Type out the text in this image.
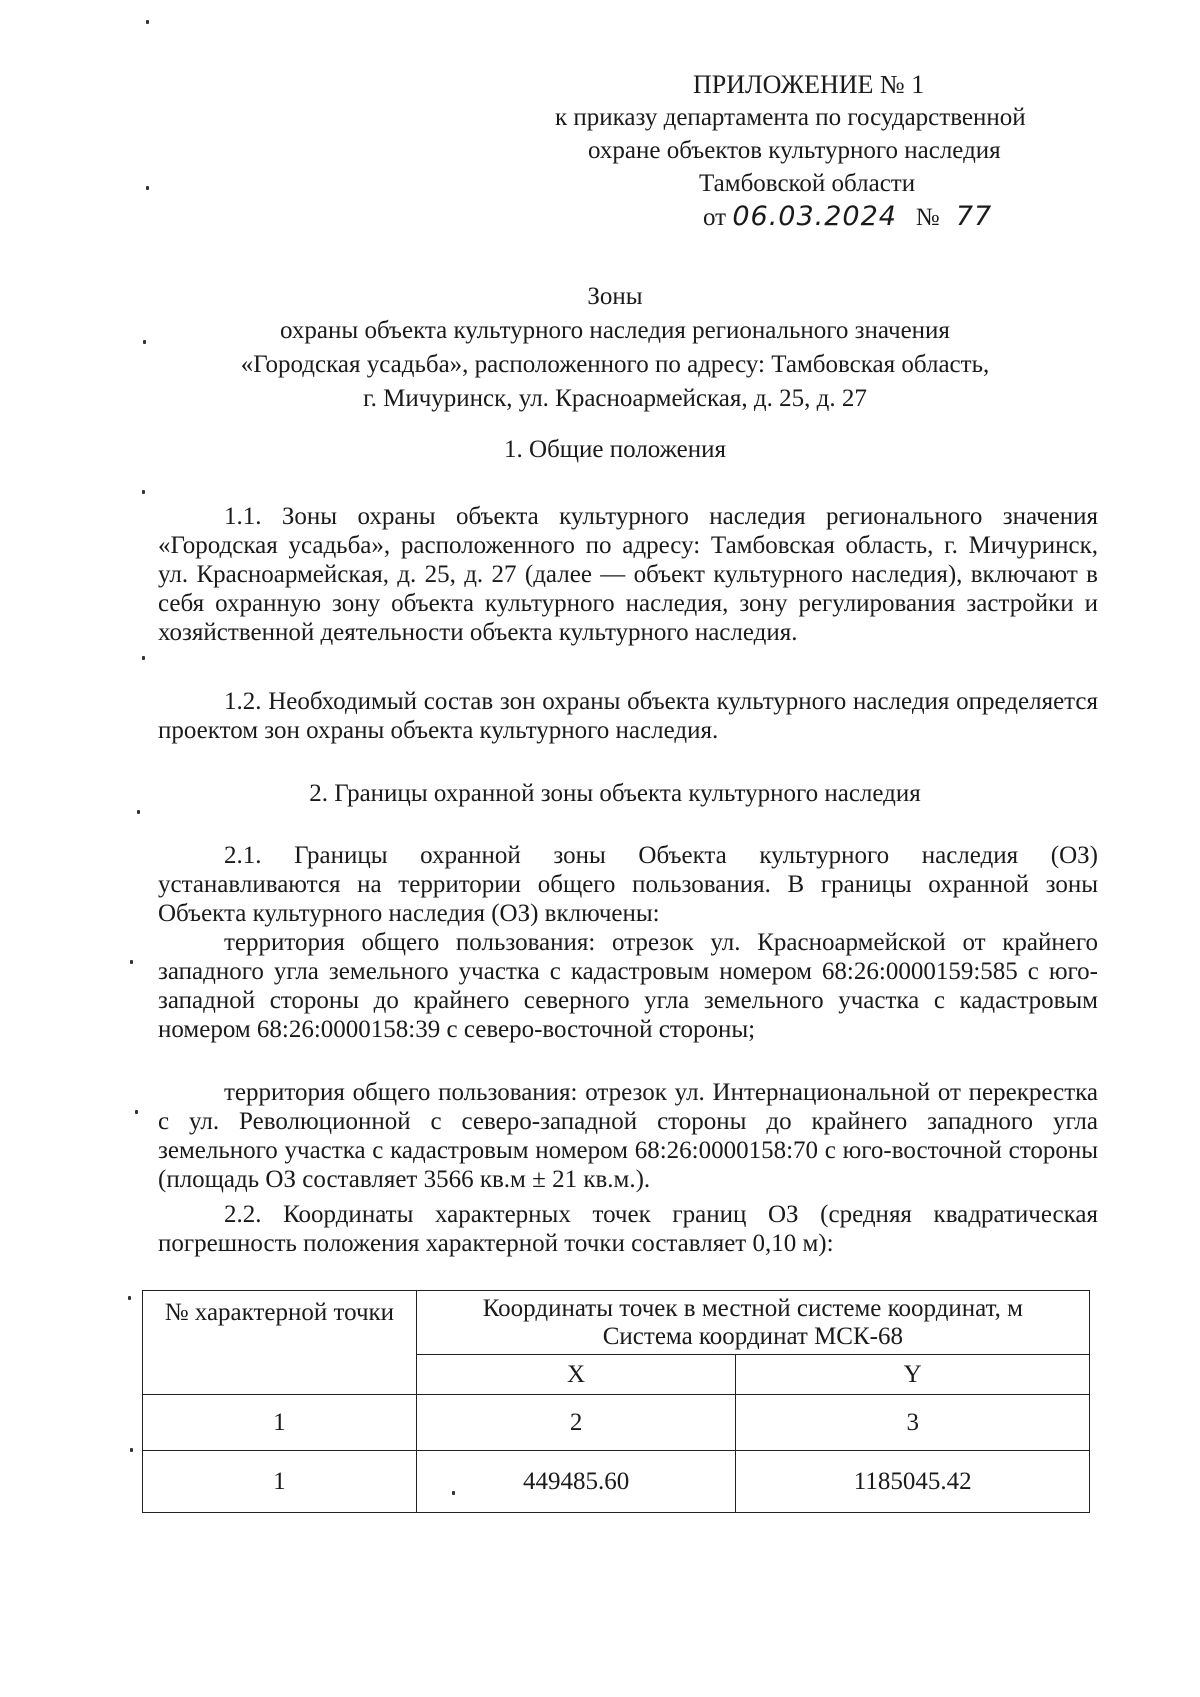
ПРИЛОЖЕНИЕ № 1
к приказу департамента по государственной
охране объектов культурного наследия
Тамбовской области
от 06.03.2024 № 77
Зоны
охраны объекта культурного наследия регионального значения
«Городская усадьба», расположенного по адресу: Тамбовская область,
г. Мичуринск, ул. Красноармейская, д. 25, д. 27
1. Общие положения
1.1. Зоны охраны объекта культурного наследия регионального значения «Городская усадьба», расположенного по адресу: Тамбовская область, г. Мичуринск, ул. Красноармейская, д. 25, д. 27 (далее — объект культурного наследия), включают в себя охранную зону объекта культурного наследия, зону регулирования застройки и хозяйственной деятельности объекта культурного наследия.
1.2. Необходимый состав зон охраны объекта культурного наследия определяется проектом зон охраны объекта культурного наследия.
2. Границы охранной зоны объекта культурного наследия
2.1. Границы охранной зоны Объекта культурного наследия (ОЗ) устанавливаются на территории общего пользования. В границы охранной зоны Объекта культурного наследия (ОЗ) включены:
территория общего пользования: отрезок ул. Красноармейской от крайнего западного угла земельного участка с кадастровым номером 68:26:0000159:585 с юго-западной стороны до крайнего северного угла земельного участка с кадастровым номером 68:26:0000158:39 с северо-восточной стороны;
территория общего пользования: отрезок ул. Интернациональной от перекрестка с ул. Революционной с северо-западной стороны до крайнего западного угла земельного участка с кадастровым номером 68:26:0000158:70 с юго-восточной стороны (площадь ОЗ составляет 3566 кв.м ± 21 кв.м.).
2.2. Координаты характерных точек границ ОЗ (средняя квадратическая погрешность положения характерной точки составляет 0,10 м):
№ характерной точки	Координаты точек в местной системе координат, м
Система координат МСК-68	

	X	Y
1	2	3
1	449485.60	1185045.42
